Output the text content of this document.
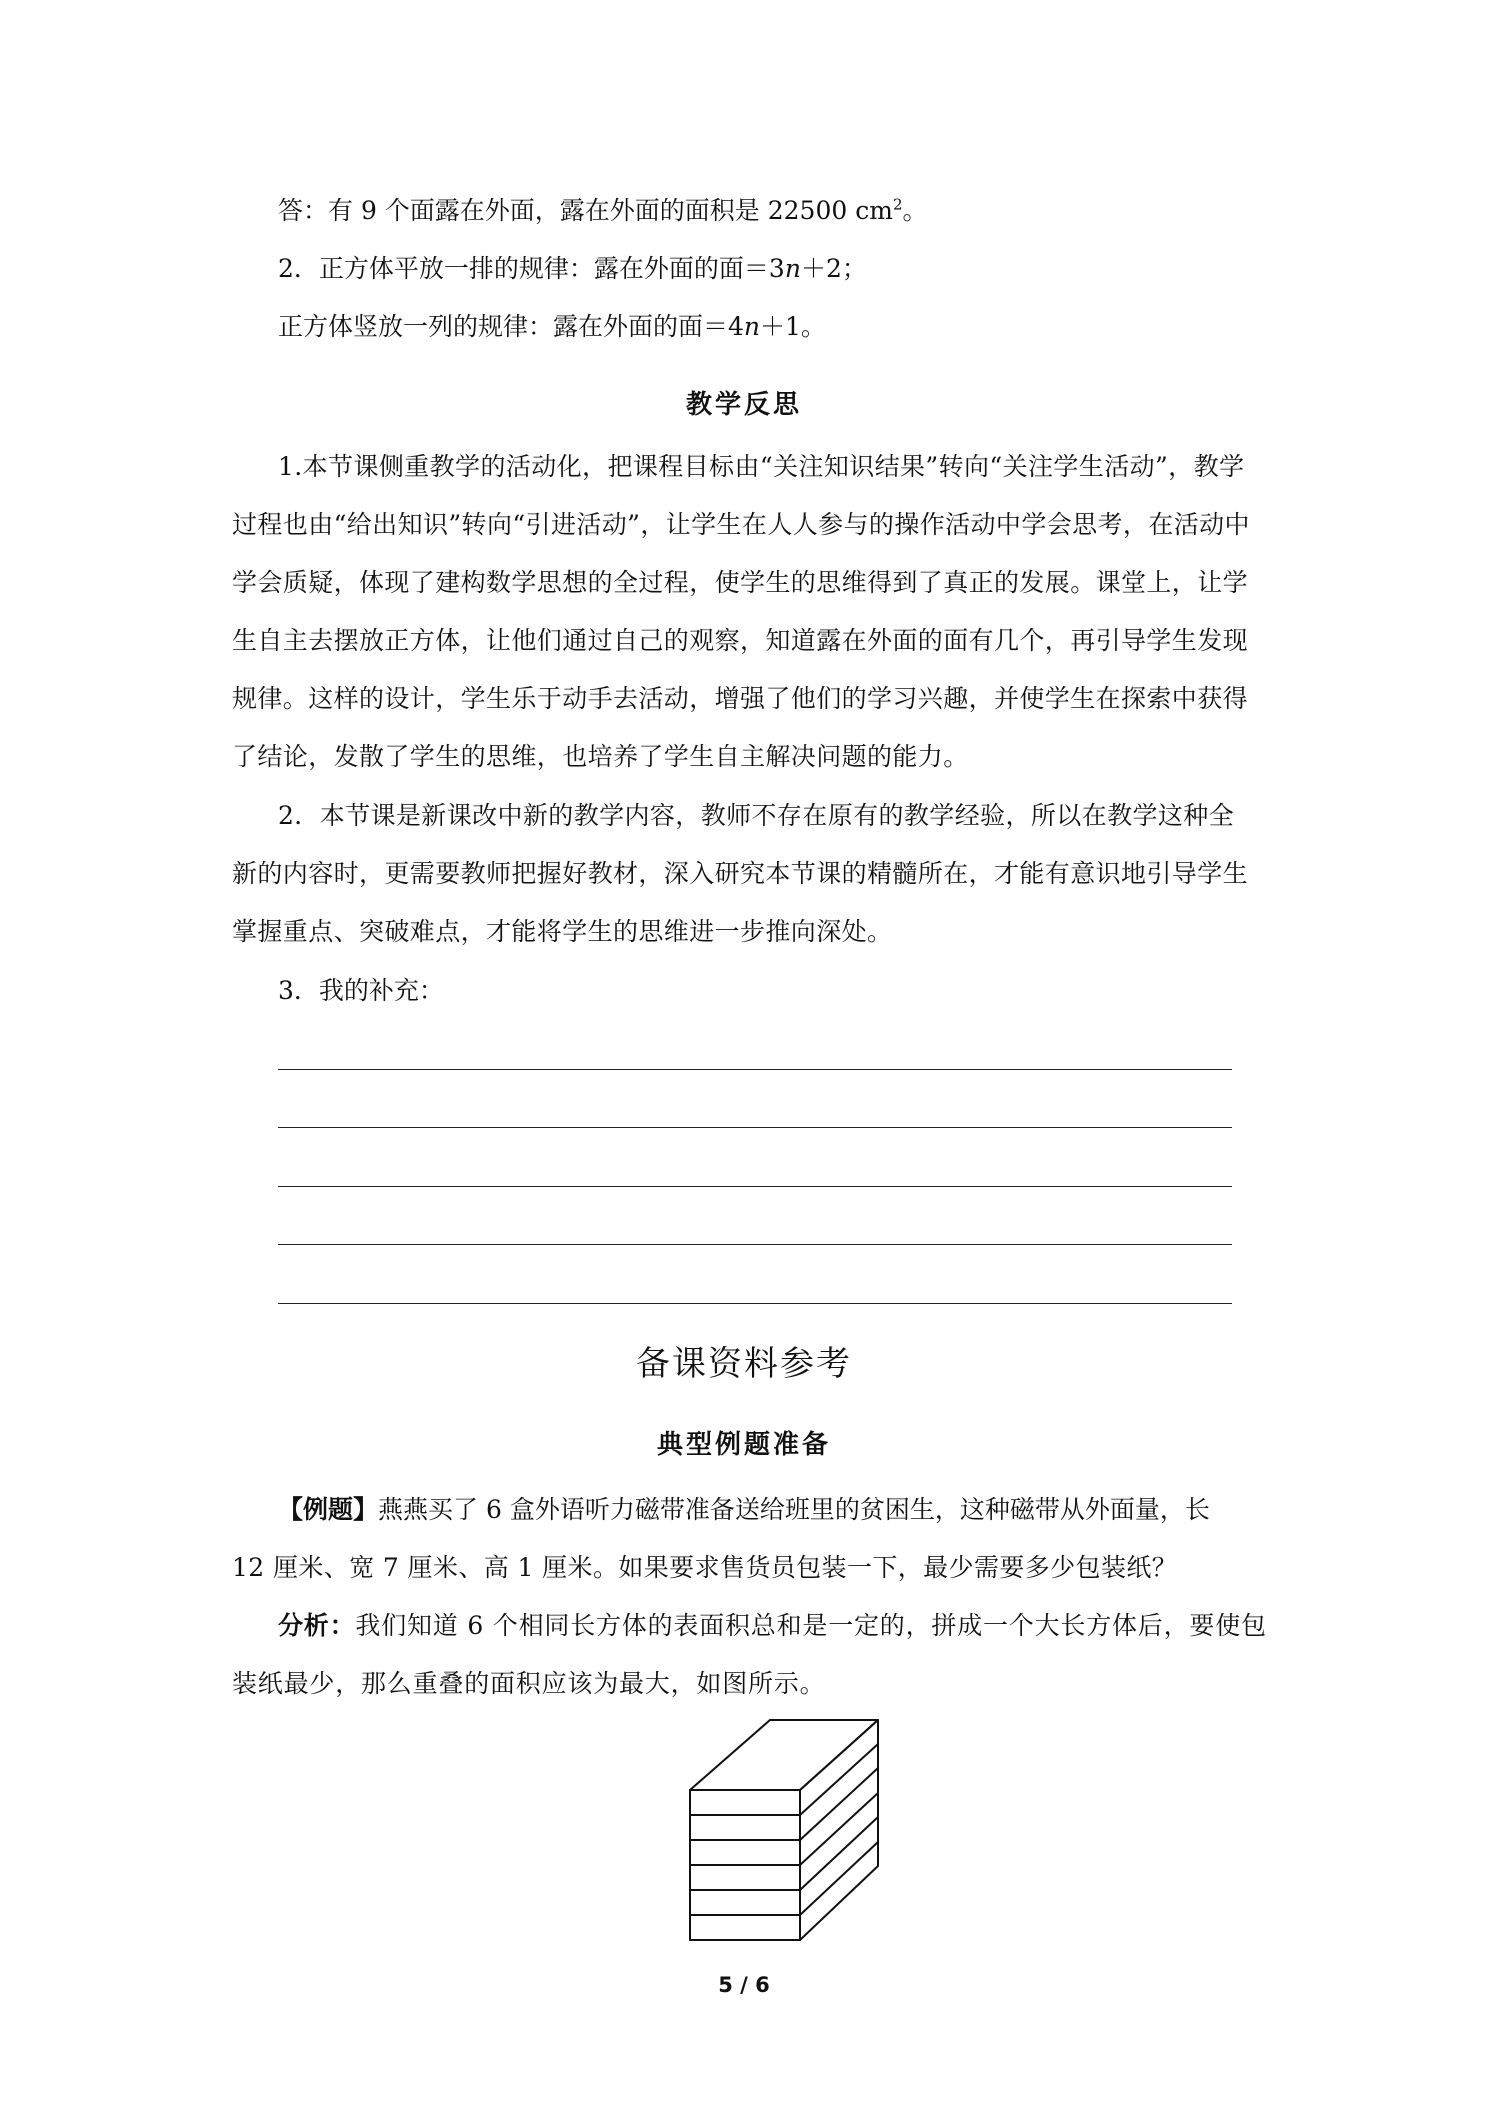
答：有 9 个面露在外面，露在外面的面积是 22500 $cm^2$。
2．正方体平放一排的规律：露在外面的面＝3n＋2；
正方体竖放一列的规律：露在外面的面＝4n＋1。
教学反思
1.本节课侧重教学的活动化，把课程目标由“关注知识结果”转向“关注学生活动”，教学
过程也由“给出知识”转向“引进活动”，让学生在人人参与的操作活动中学会思考，在活动中
学会质疑，体现了建构数学思想的全过程，使学生的思维得到了真正的发展。课堂上，让学
生自主去摆放正方体，让他们通过自己的观察，知道露在外面的面有几个，再引导学生发现
规律。这样的设计，学生乐于动手去活动，增强了他们的学习兴趣，并使学生在探索中获得
了结论，发散了学生的思维，也培养了学生自主解决问题的能力。
2．本节课是新课改中新的教学内容，教师不存在原有的教学经验，所以在教学这种全
新的内容时，更需要教师把握好教材，深入研究本节课的精髓所在，才能有意识地引导学生
掌握重点、突破难点，才能将学生的思维进一步推向深处。
3．我的补充：
备课资料参考
典型例题准备
【例题】燕燕买了 6 盒外语听力磁带准备送给班里的贫困生，这种磁带从外面量，长
12 厘米、宽 7 厘米、高 1 厘米。如果要求售货员包装一下，最少需要多少包装纸？
分析：我们知道 6 个相同长方体的表面积总和是一定的，拼成一个大长方体后，要使包
装纸最少，那么重叠的面积应该为最大，如图所示。
5 / 6
